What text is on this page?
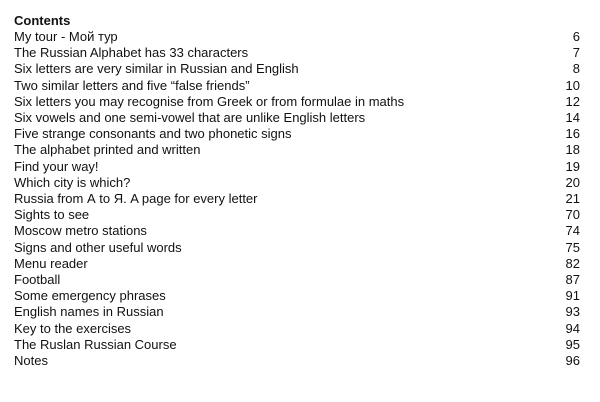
Contents
My tour - Мой тур	6
The Russian Alphabet has 33 characters	7
Six letters are very similar in Russian and English	8
Two similar letters and five “false friends”	10
Six letters you may recognise from Greek or from formulae in maths	12
Six vowels and one semi-vowel that are unlike English letters	14
Five strange consonants and two phonetic signs	16
The alphabet printed and written	18
Find your way!	19
Which city is which?	20
Russia from А to Я. A page for every letter	21
Sights to see	70
Moscow metro stations	74
Signs and other useful words	75
Menu reader	82
Football	87
Some emergency phrases	91
English names in Russian	93
Key to the exercises	94
The Ruslan Russian Course	95
Notes	96
